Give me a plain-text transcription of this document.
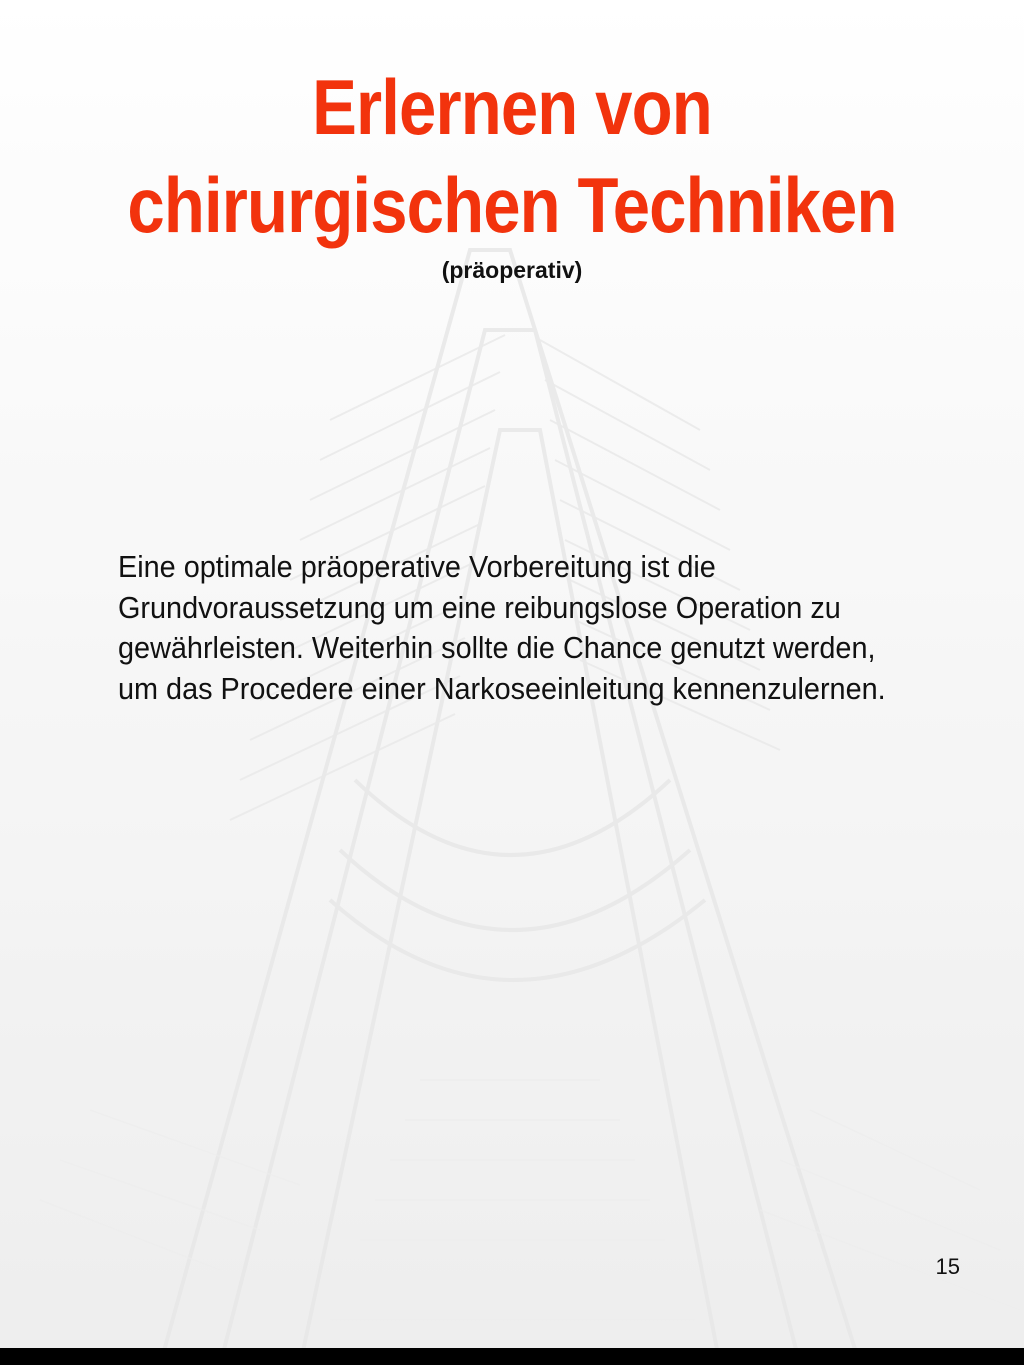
Erlernen von chirurgischen Techniken
(präoperativ)

Eine optimale präoperative Vorbereitung ist die Grundvoraussetzung um eine reibungslose Operation zu gewährleisten. Weiterhin sollte die Chance genutzt werden, um das Procedere einer Narkoseeinleitung kennenzulernen.

15
